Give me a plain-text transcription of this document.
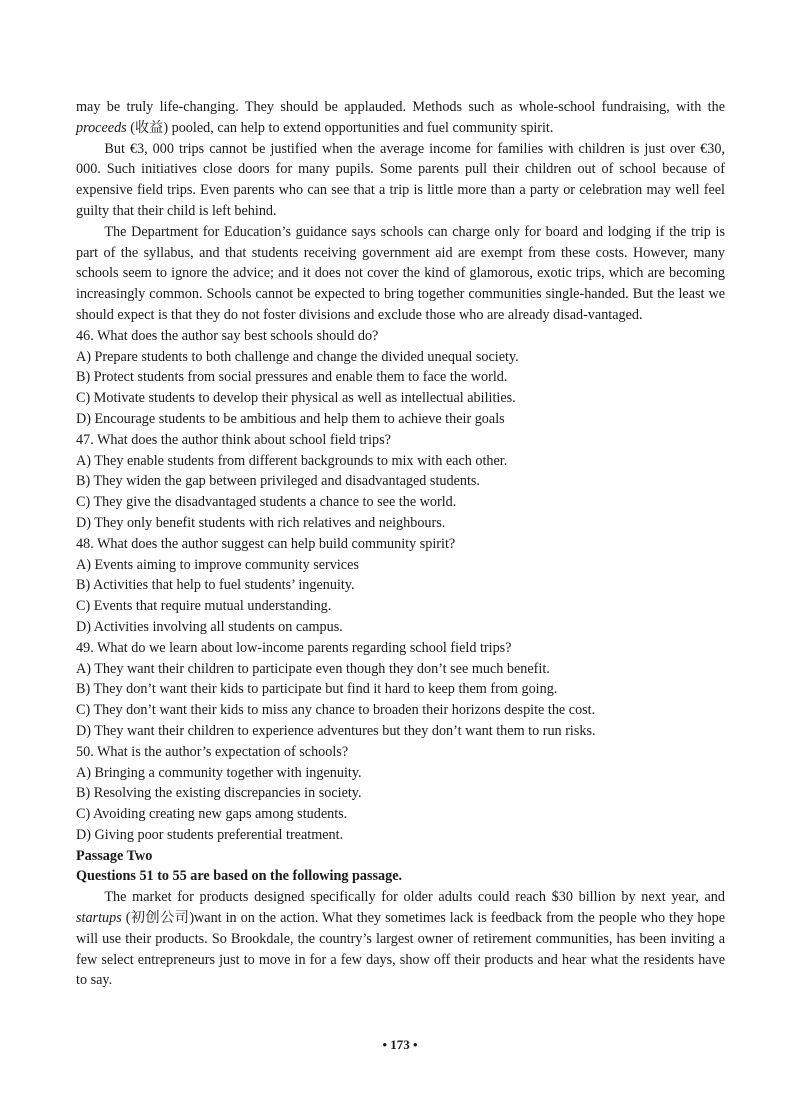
may be truly life-changing. They should be applauded. Methods such as whole-school fundraising, with the proceeds (收益) pooled, can help to extend opportunities and fuel community spirit.

But €3, 000 trips cannot be justified when the average income for families with children is just over €30, 000. Such initiatives close doors for many pupils. Some parents pull their children out of school because of expensive field trips. Even parents who can see that a trip is little more than a party or celebration may well feel guilty that their child is left behind.

The Department for Education’s guidance says schools can charge only for board and lodging if the trip is part of the syllabus, and that students receiving government aid are exempt from these costs. However, many schools seem to ignore the advice; and it does not cover the kind of glamorous, exotic trips, which are becoming increasingly common. Schools cannot be expected to bring together communities single-handed. But the least we should expect is that they do not foster divisions and exclude those who are already disad-vantaged.

46. What does the author say best schools should do?

A) Prepare students to both challenge and change the divided unequal society.

B) Protect students from social pressures and enable them to face the world.

C) Motivate students to develop their physical as well as intellectual abilities.

D) Encourage students to be ambitious and help them to achieve their goals

47. What does the author think about school field trips?

A) They enable students from different backgrounds to mix with each other.

B) They widen the gap between privileged and disadvantaged students.

C) They give the disadvantaged students a chance to see the world.

D) They only benefit students with rich relatives and neighbours.

48. What does the author suggest can help build community spirit?

A) Events aiming to improve community services

B) Activities that help to fuel students’ ingenuity.

C) Events that require mutual understanding.

D) Activities involving all students on campus.

49. What do we learn about low-income parents regarding school field trips?

A) They want their children to participate even though they don’t see much benefit.

B) They don’t want their kids to participate but find it hard to keep them from going.

C) They don’t want their kids to miss any chance to broaden their horizons despite the cost.

D) They want their children to experience adventures but they don’t want them to run risks.

50. What is the author’s expectation of schools?

A) Bringing a community together with ingenuity.

B) Resolving the existing discrepancies in society.

C) Avoiding creating new gaps among students.

D) Giving poor students preferential treatment.

Passage Two

Questions 51 to 55 are based on the following passage.

The market for products designed specifically for older adults could reach $30 billion by next year, and startups (初创公司)want in on the action. What they sometimes lack is feedback from the people who they hope will use their products. So Brookdale, the country’s largest owner of retirement communities, has been inviting a few select entrepreneurs just to move in for a few days, show off their products and hear what the residents have to say.

• 173 •
